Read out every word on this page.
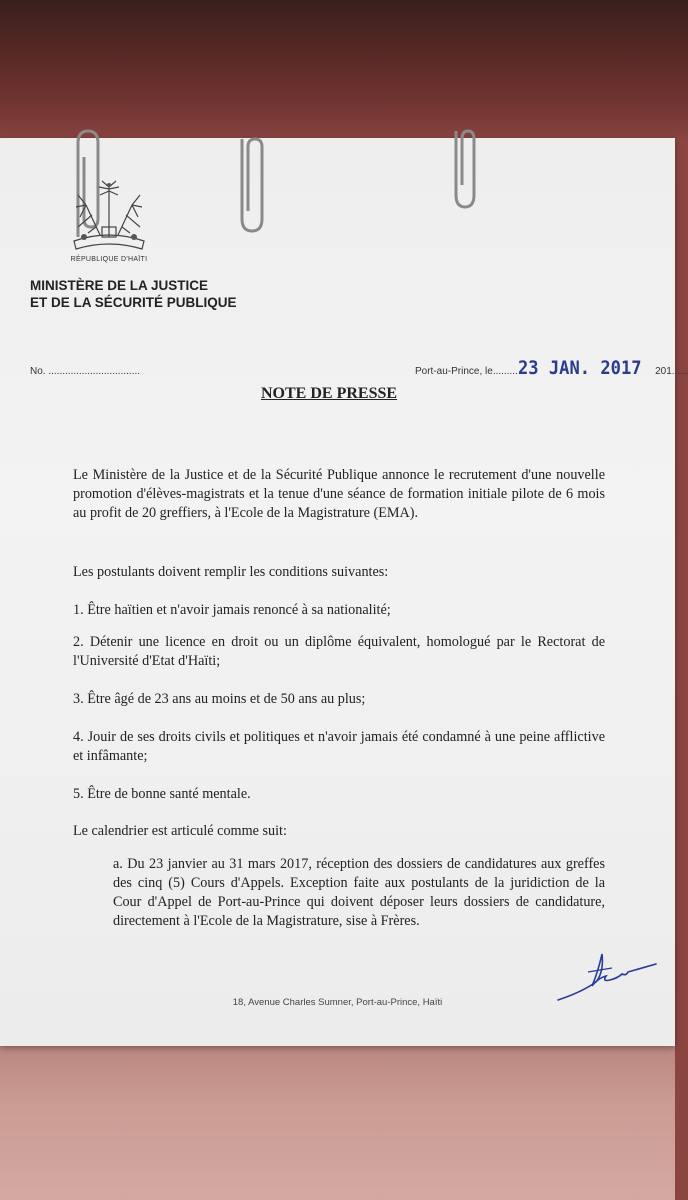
RÉPUBLIQUE D'HAÏTI
MINISTÈRE DE LA JUSTICE
ET DE LA SÉCURITÉ PUBLIQUE
No. .................................	Port-au-Prince, le.........23 JAN. 2017 201......
NOTE DE PRESSE
Le Ministère de la Justice et de la Sécurité Publique annonce le recrutement d'une nouvelle promotion d'élèves-magistrats et la tenue d'une séance de formation initiale pilote de 6 mois au profit de 20 greffiers, à l'Ecole de la Magistrature (EMA).
Les postulants doivent remplir les conditions suivantes:
1. Être haïtien et n'avoir jamais renoncé à sa nationalité;
2. Détenir une licence en droit ou un diplôme équivalent, homologué par le Rectorat de l'Université d'Etat d'Haïti;
3. Être âgé de 23 ans au moins et de 50 ans au plus;
4. Jouir de ses droits civils et politiques et n'avoir jamais été condamné à une peine afflictive et infâmante;
5. Être de bonne santé mentale.
Le calendrier est articulé comme suit:
a. Du 23 janvier au 31 mars 2017, réception des dossiers de candidatures aux greffes des cinq (5) Cours d'Appels. Exception faite aux postulants de la juridiction de la Cour d'Appel de Port-au-Prince qui doivent déposer leurs dossiers de candidature, directement à l'Ecole de la Magistrature, sise à Frères.
18, Avenue Charles Sumner, Port-au-Prince, Haïti
